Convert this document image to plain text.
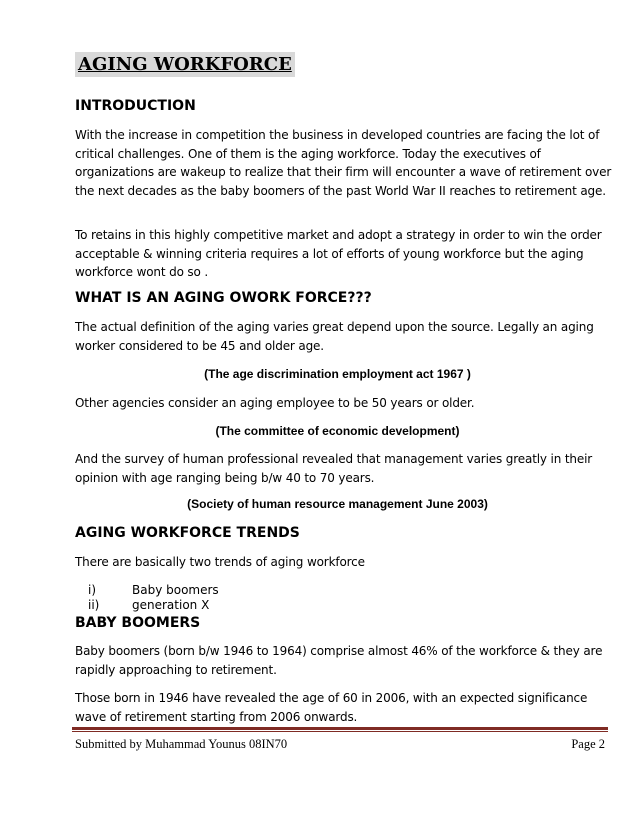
AGING WORKFORCE
INTRODUCTION

With the increase in competition the business in developed countries are facing the lot of critical challenges. One of them is the aging workforce. Today the executives of organizations are wakeup to realize that their firm will encounter a wave of retirement over the next decades as the baby boomers of the past World War II reaches to retirement age.

To retains in this highly competitive market and adopt a strategy in order to win the order acceptable & winning criteria requires a lot of efforts of young workforce but the aging workforce wont do so .

WHAT IS AN AGING OWORK FORCE???

The actual definition of the aging varies great depend upon the source. Legally an aging worker considered to be 45 and older age.

(The age discrimination employment act 1967 )

Other agencies consider an aging employee to be 50 years or older.

(The committee of economic development)

And the survey of human professional revealed that management varies greatly in their opinion with age ranging being b/w 40 to 70 years.

(Society of human resource management June 2003)
AGING WORKFORCE TRENDS

There are basically two trends of aging workforce

i)	Baby boomers
ii)	generation X
BABY BOOMERS

Baby boomers (born b/w 1946 to 1964) comprise almost 46% of the workforce & they are rapidly approaching to retirement.

Those born in 1946 have revealed the age of 60 in 2006, with an expected significance wave of retirement starting from 2006 onwards.

Submitted by Muhammad Younus 08IN70	Page 2
